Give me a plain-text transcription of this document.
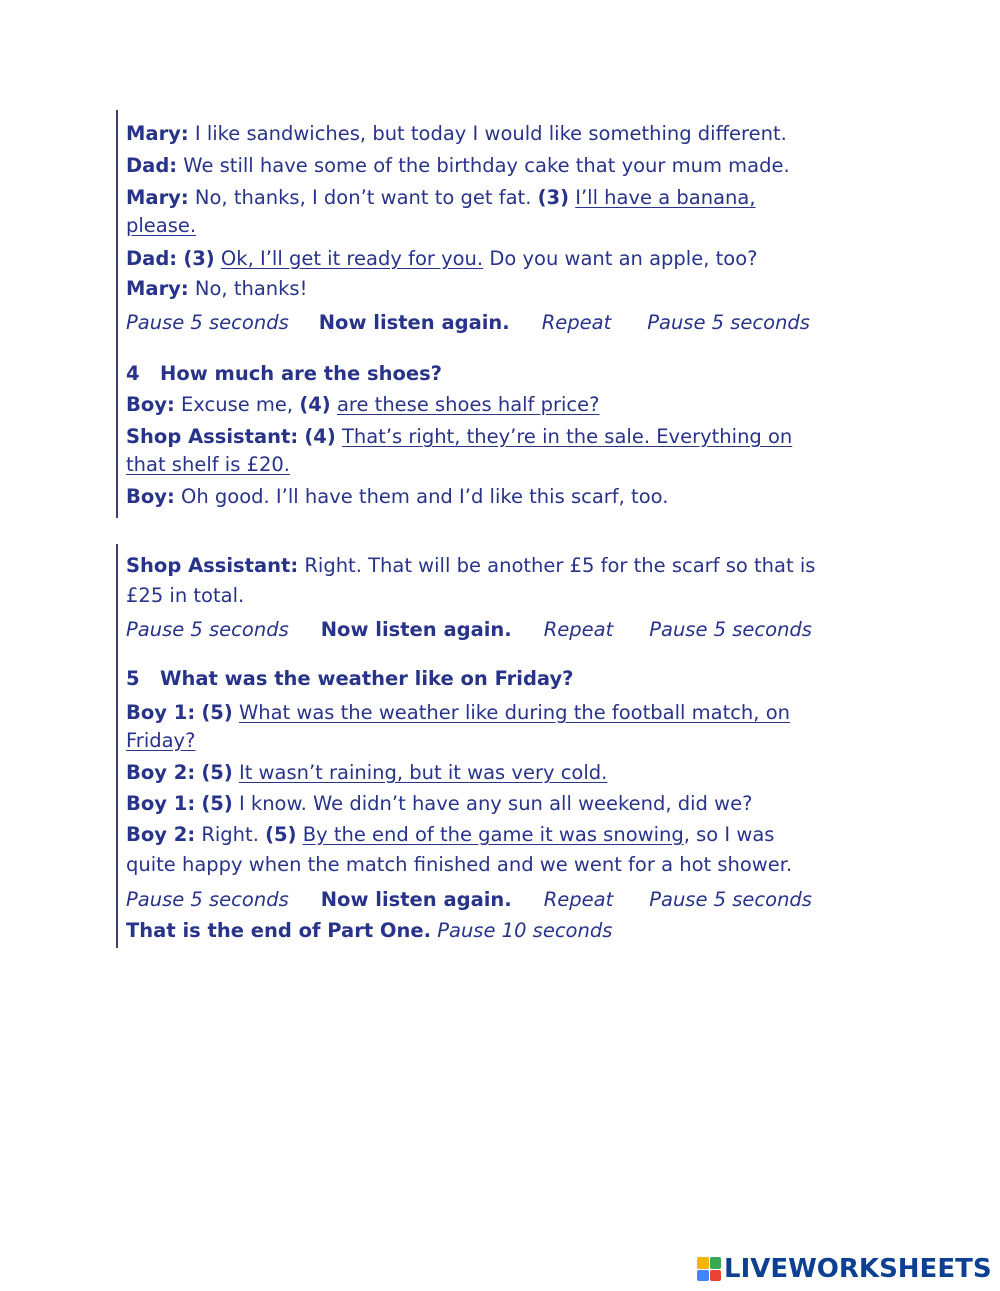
Mary: I like sandwiches, but today I would like something different.
Dad: We still have some of the birthday cake that your mum made.
Mary: No, thanks, I don’t want to get fat. (3) I’ll have a banana,
please.
Dad: (3) Ok, I’ll get it ready for you. Do you want an apple, too?
Mary: No, thanks!
Pause 5 seconds Now listen again. Repeat Pause 5 seconds
4 How much are the shoes?
Boy: Excuse me, (4) are these shoes half price?
Shop Assistant: (4) That’s right, they’re in the sale. Everything on
that shelf is £20.
Boy: Oh good. I’ll have them and I’d like this scarf, too.
Shop Assistant: Right. That will be another £5 for the scarf so that is
£25 in total.
Pause 5 seconds Now listen again. Repeat Pause 5 seconds
5 What was the weather like on Friday?
Boy 1: (5) What was the weather like during the football match, on
Friday?
Boy 2: (5) It wasn’t raining, but it was very cold.
Boy 1: (5) I know. We didn’t have any sun all weekend, did we?
Boy 2: Right. (5) By the end of the game it was snowing, so I was
quite happy when the match finished and we went for a hot shower.
Pause 5 seconds Now listen again. Repeat Pause 5 seconds
That is the end of Part One. Pause 10 seconds
LIVEWORKSHEETS
